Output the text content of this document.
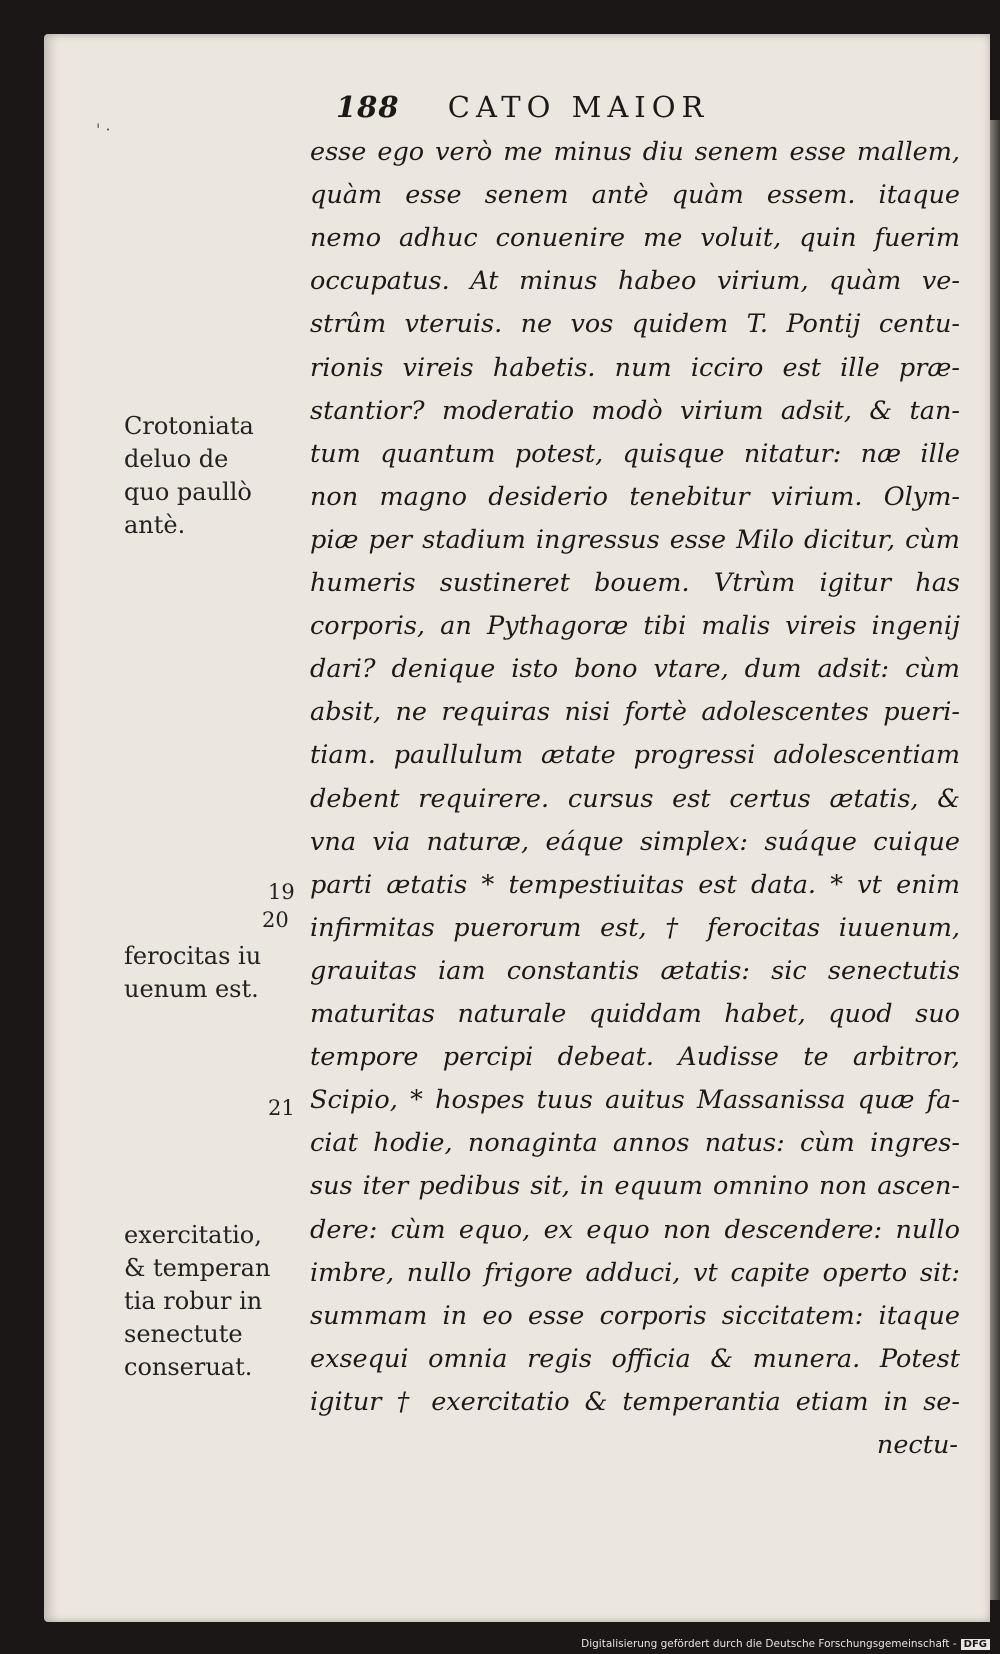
' ·
188 CATO MAIOR
esse ego verò me minus diu senem esse mallem,
quàm esse senem antè quàm essem. itaque
nemo adhuc conuenire me voluit, quin fuerim
occupatus. At minus habeo virium, quàm ve-
strûm vteruis. ne vos quidem T. Pontij centu-
rionis vireis habetis. num icciro est ille præ-
stantior? moderatio modò virium adsit, & tan-
tum quantum potest, quisque nitatur: næ ille
non magno desiderio tenebitur virium. Olym-
piæ per stadium ingressus esse Milo dicitur, cùm
humeris sustineret bouem. Vtrùm igitur has
corporis, an Pythagoræ tibi malis vireis ingenij
dari? denique isto bono vtare, dum adsit: cùm
absit, ne requiras nisi fortè adolescentes pueri-
tiam. paullulum ætate progressi adolescentiam
debent requirere. cursus est certus ætatis, &
vna via naturæ, eáque simplex: suáque cuique
parti ætatis * tempestiuitas est data. * vt enim
infirmitas puerorum est, † ferocitas iuuenum,
grauitas iam constantis ætatis: sic senectutis
maturitas naturale quiddam habet, quod suo
tempore percipi debeat. Audisse te arbitror,
Scipio, * hospes tuus auitus Massanissa quæ fa-
ciat hodie, nonaginta annos natus: cùm ingres-
sus iter pedibus sit, in equum omnino non ascen-
dere: cùm equo, ex equo non descendere: nullo
imbre, nullo frigore adduci, vt capite operto sit:
summam in eo esse corporis siccitatem: itaque
exsequi omnia regis officia & munera. Potest
igitur † exercitatio & temperantia etiam in se-
nectu-
Crotoniata
deluo de
quo paullò
antè.
ferocitas iu
uenum est.
exercitatio,
& temperan
tia robur in
senectute
conseruat.
19
20
21
Digitalisierung gefördert durch die Deutsche Forschungsgemeinschaft - DFG
